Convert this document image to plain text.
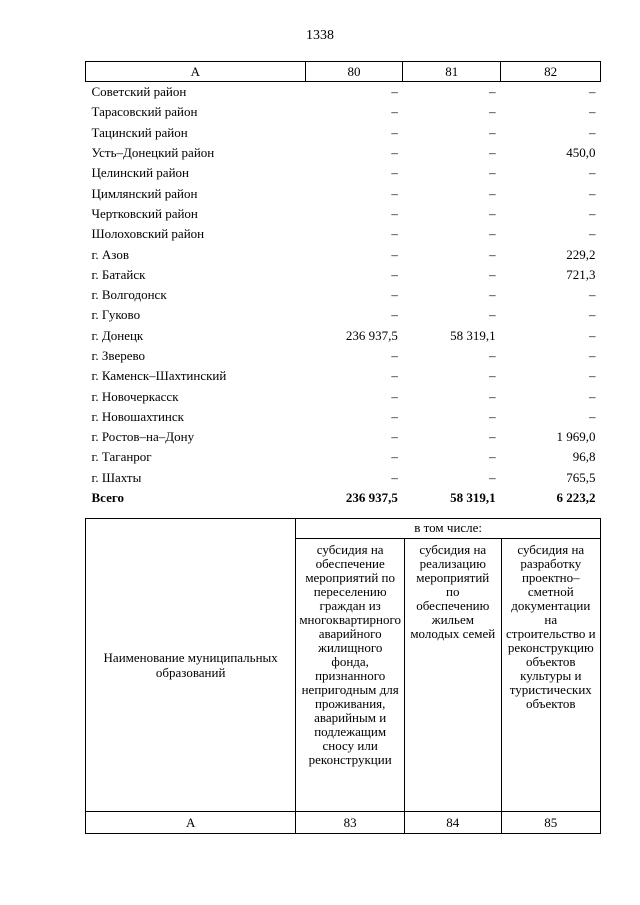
1338
А	80	81	82
Советский район	–	–	–
Тарасовский район	–	–	–
Тацинский район	–	–	–
Усть–Донецкий район	–	–	450,0
Целинский район	–	–	–
Цимлянский район	–	–	–
Чертковский район	–	–	–
Шолоховский район	–	–	–
г. Азов	–	–	229,2
г. Батайск	–	–	721,3
г. Волгодонск	–	–	–
г. Гуково	–	–	–
г. Донецк	236 937,5	58 319,1	–
г. Зверево	–	–	–
г. Каменск–Шахтинский	–	–	–
г. Новочеркасск	–	–	–
г. Новошахтинск	–	–	–
г. Ростов–на–Дону	–	–	1 969,0
г. Таганрог	–	–	96,8
г. Шахты	–	–	765,5
Всего	236 937,5	58 319,1	6 223,2
Наименование муниципальных образований	в том числе:		
	субсидия на обеспечение мероприятий по переселению граждан из многоквартирного аварийного жилищного фонда, признанного непригодным для проживания, аварийным и подлежащим сносу или реконструкции	субсидия на реализацию мероприятий по обеспечению жильем молодых семей	субсидия на разработку проектно–сметной документации на строительство и реконструкцию объектов культуры и туристических объектов
А	83	84	85
